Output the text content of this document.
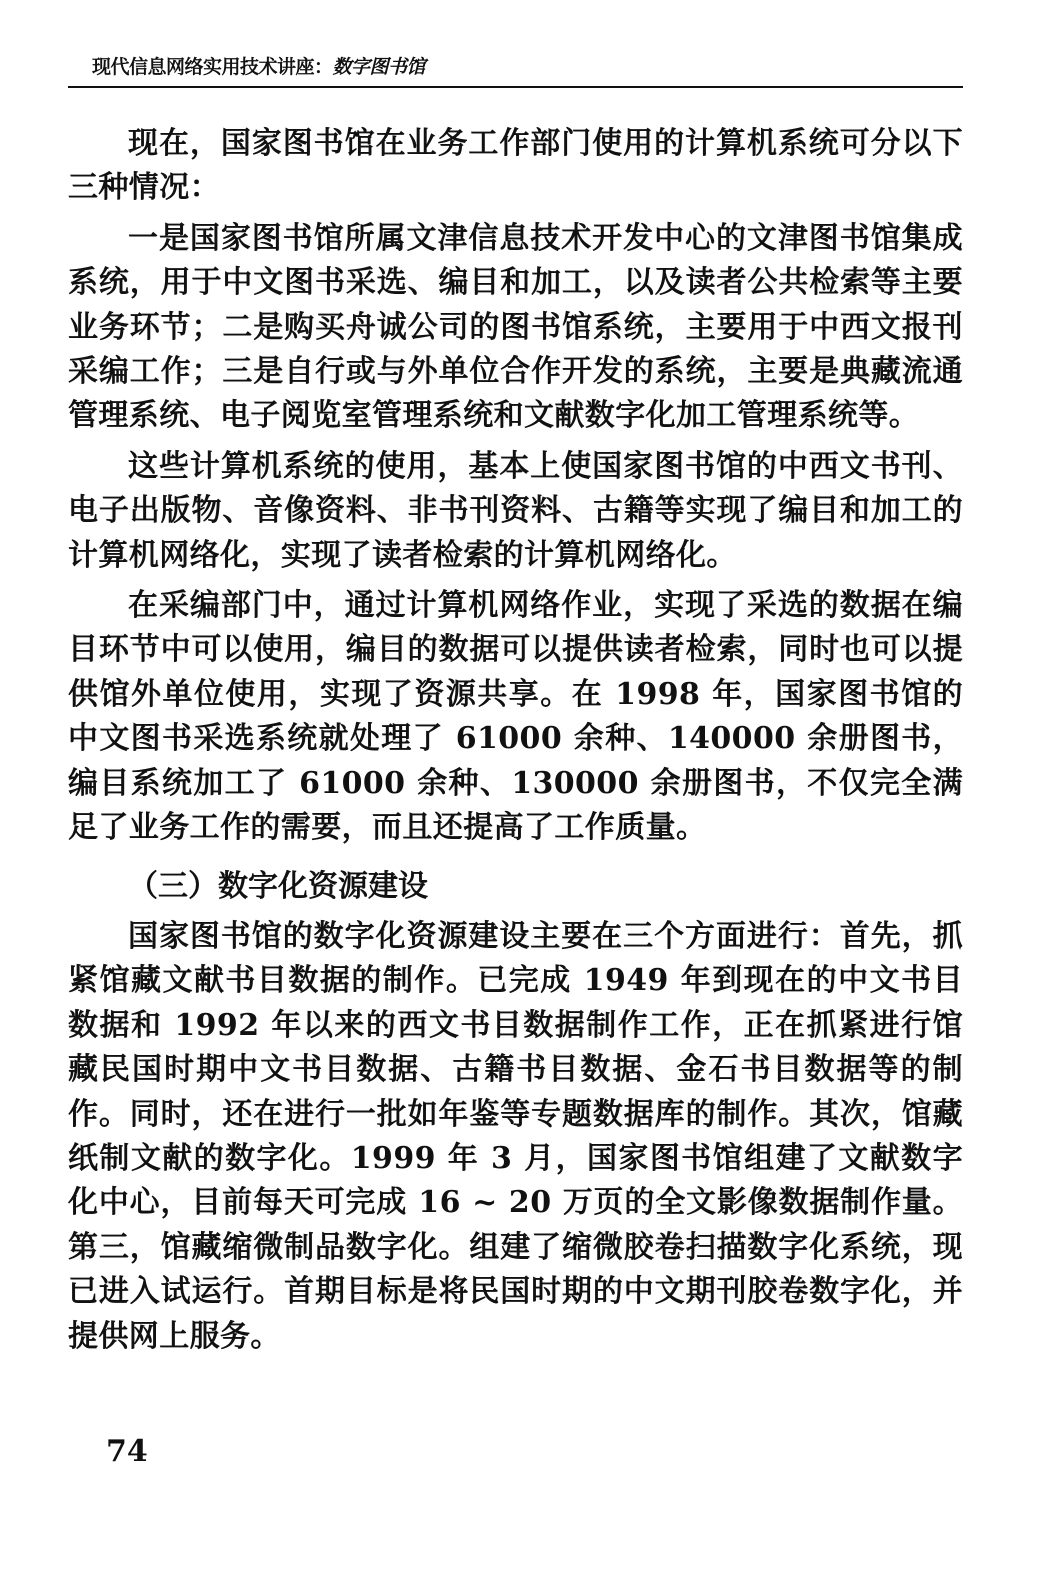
现代信息网络实用技术讲座：数字图书馆

现在，国家图书馆在业务工作部门使用的计算机系统可分以下三种情况：

一是国家图书馆所属文津信息技术开发中心的文津图书馆集成系统，用于中文图书采选、编目和加工，以及读者公共检索等主要业务环节；二是购买舟诚公司的图书馆系统，主要用于中西文报刊采编工作；三是自行或与外单位合作开发的系统，主要是典藏流通管理系统、电子阅览室管理系统和文献数字化加工管理系统等。

这些计算机系统的使用，基本上使国家图书馆的中西文书刊、电子出版物、音像资料、非书刊资料、古籍等实现了编目和加工的计算机网络化，实现了读者检索的计算机网络化。

在采编部门中，通过计算机网络作业，实现了采选的数据在编目环节中可以使用，编目的数据可以提供读者检索，同时也可以提供馆外单位使用，实现了资源共享。在 1998 年，国家图书馆的中文图书采选系统就处理了 61000 余种、140000 余册图书，编目系统加工了 61000 余种、130000 余册图书，不仅完全满足了业务工作的需要，而且还提高了工作质量。

（三）数字化资源建设

国家图书馆的数字化资源建设主要在三个方面进行：首先，抓紧馆藏文献书目数据的制作。已完成 1949 年到现在的中文书目数据和 1992 年以来的西文书目数据制作工作，正在抓紧进行馆藏民国时期中文书目数据、古籍书目数据、金石书目数据等的制作。同时，还在进行一批如年鉴等专题数据库的制作。其次，馆藏纸制文献的数字化。1999 年 3 月，国家图书馆组建了文献数字化中心，目前每天可完成 16 ~ 20 万页的全文影像数据制作量。第三，馆藏缩微制品数字化。组建了缩微胶卷扫描数字化系统，现已进入试运行。首期目标是将民国时期的中文期刊胶卷数字化，并提供网上服务。

74
